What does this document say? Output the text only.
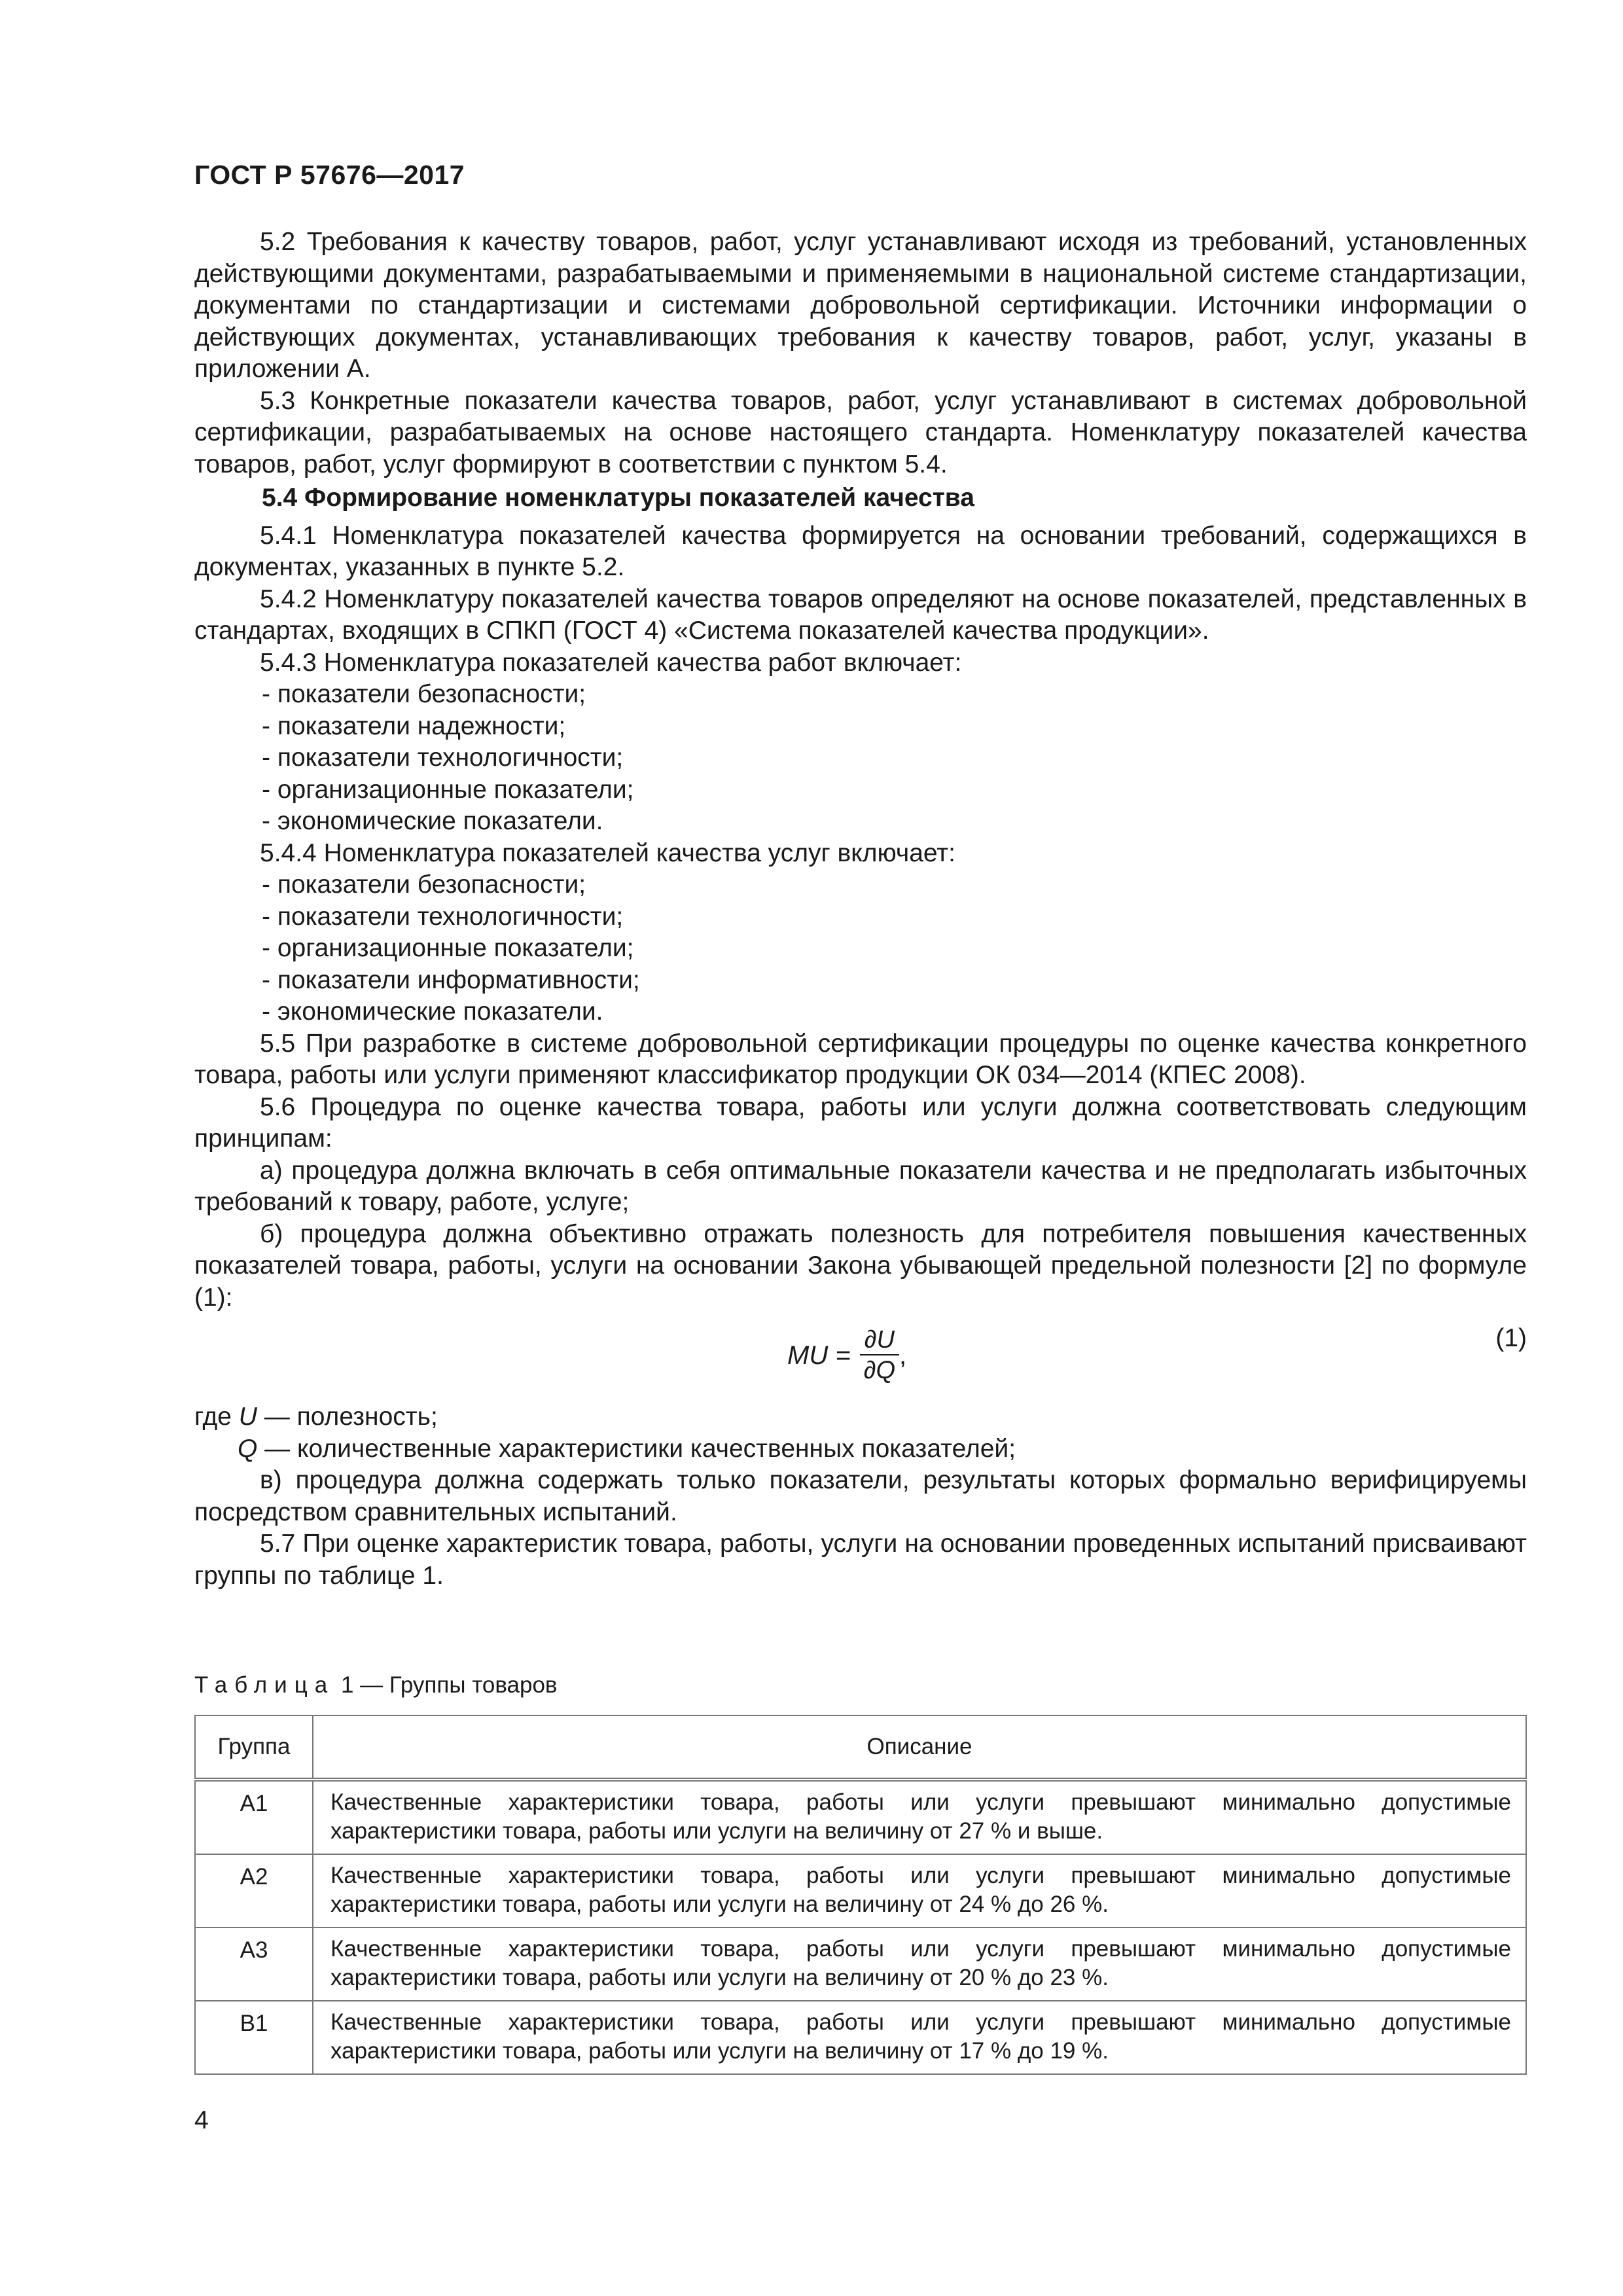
ГОСТ Р 57676—2017

5.2 Требования к качеству товаров, работ, услуг устанавливают исходя из требований, установленных действующими документами, разрабатываемыми и применяемыми в национальной системе стандартизации, документами по стандартизации и системами добровольной сертификации. Источники информации о действующих документах, устанавливающих требования к качеству товаров, работ, услуг, указаны в приложении А.

5.3 Конкретные показатели качества товаров, работ, услуг устанавливают в системах добровольной сертификации, разрабатываемых на основе настоящего стандарта. Номенклатуру показателей качества товаров, работ, услуг формируют в соответствии с пунктом 5.4.

5.4 Формирование номенклатуры показателей качества

5.4.1 Номенклатура показателей качества формируется на основании требований, содержащихся в документах, указанных в пункте 5.2.

5.4.2 Номенклатуру показателей качества товаров определяют на основе показателей, представленных в стандартах, входящих в СПКП (ГОСТ 4) «Система показателей качества продукции».

5.4.3 Номенклатура показателей качества работ включает:

- показатели безопасности;

- показатели надежности;

- показатели технологичности;

- организационные показатели;

- экономические показатели.

5.4.4 Номенклатура показателей качества услуг включает:

- показатели безопасности;

- показатели технологичности;

- организационные показатели;

- показатели информативности;

- экономические показатели.

5.5 При разработке в системе добровольной сертификации процедуры по оценке качества конкретного товара, работы или услуги применяют классификатор продукции ОК 034—2014 (КПЕС 2008).

5.6 Процедура по оценке качества товара, работы или услуги должна соответствовать следующим принципам:

а) процедура должна включать в себя оптимальные показатели качества и не предполагать избыточных требований к товару, работе, услуге;

б) процедура должна объективно отражать полезность для потребителя повышения качественных показателей товара, работы, услуги на основании Закона убывающей предельной полезности [2] по формуле (1):

MU = $\frac{\partial U}{\partial Q}$ ,
(1)

где U — полезность;

Q — количественные характеристики качественных показателей;

в) процедура должна содержать только показатели, результаты которых формально верифицируемы посредством сравнительных испытаний.

5.7 При оценке характеристик товара, работы, услуги на основании проведенных испытаний присваивают группы по таблице 1.

Таблица 1 — Группы товаров
Группа	Описание
А1	Качественные характеристики товара, работы или услуги превышают минимально допустимые характеристики товара, работы или услуги на величину от 27 % и выше.
А2	Качественные характеристики товара, работы или услуги превышают минимально допустимые характеристики товара, работы или услуги на величину от 24 % до 26 %.
А3	Качественные характеристики товара, работы или услуги превышают минимально допустимые характеристики товара, работы или услуги на величину от 20 % до 23 %.
В1	Качественные характеристики товара, работы или услуги превышают минимально допустимые характеристики товара, работы или услуги на величину от 17 % до 19 %.
4
